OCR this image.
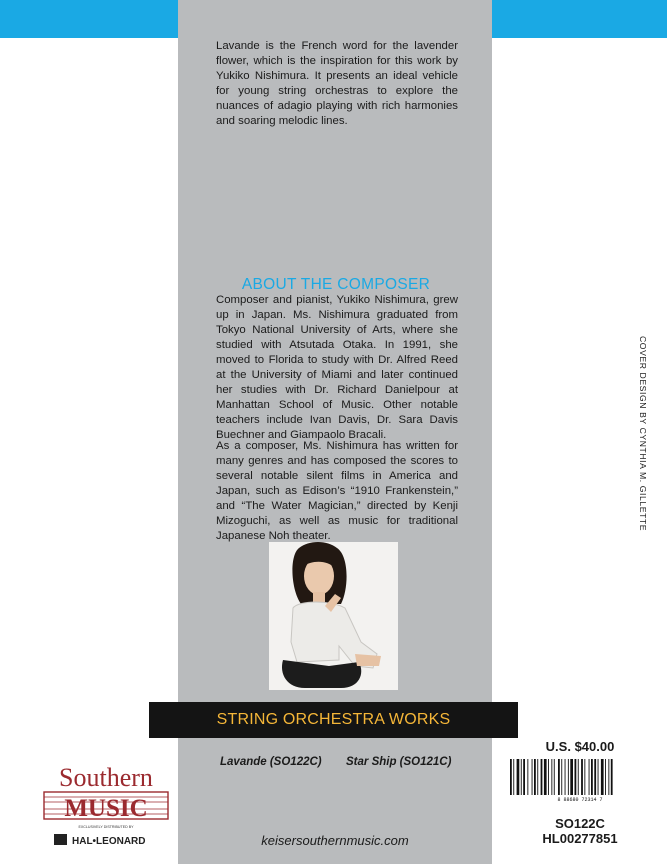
Lavande is the French word for the lavender flower, which is the inspiration for this work by Yukiko Nishimura. It presents an ideal vehicle for young string orchestras to explore the nuances of adagio playing with rich harmonies and soaring melodic lines.

ABOUT THE COMPOSER

Composer and pianist, Yukiko Nishimura, grew up in Japan. Ms. Nishimura graduated from Tokyo National University of Arts, where she studied with Atsutada Otaka. In 1991, she moved to Florida to study with Dr. Alfred Reed at the University of Miami and later continued her studies with Dr. Richard Danielpour at Manhattan School of Music. Other notable teachers include Ivan Davis, Dr. Sara Davis Buechner and Giampaolo Bracali.

As a composer, Ms. Nishimura has written for many genres and has composed the scores to several notable silent films in America and Japan, such as Edison’s “1910 Frankenstein,” and “The Water Magician,” directed by Kenji Mizoguchi, as well as music for traditional Japanese Noh theater.

STRING ORCHESTRA WORKS

Lavande (SO122C) Star Ship (SO121C)

keisersouthernmusic.com

COVER DESIGN BY CYNTHIA M. GILLETTE

U.S. $40.00

8 88680 72314 7

SO122C

HL00277851

Southern
MUSIC
EXCLUSIVELY DISTRIBUTED BY
HAL•LEONARD
